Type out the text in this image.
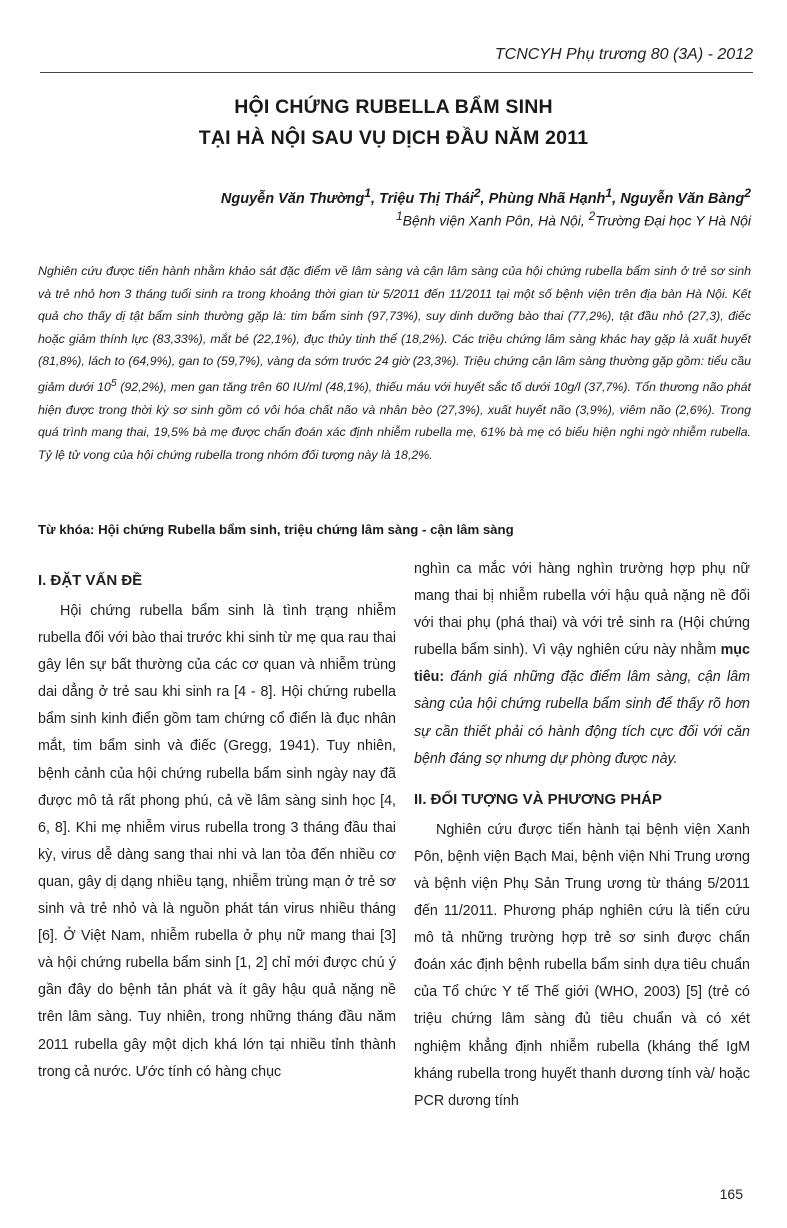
TCNCYH Phụ trương 80 (3A) - 2012
HỘI CHỨNG RUBELLA BẨM SINH
TẠI HÀ NỘI SAU VỤ DỊCH ĐẦU NĂM 2011
Nguyễn Văn Thường$^1$, Triệu Thị Thái$^2$, Phùng Nhã Hạnh$^1$, Nguyễn Văn Bàng$^2$
$^1$Bệnh viện Xanh Pôn, Hà Nội, $^2$Trường Đại học Y Hà Nội
Nghiên cứu được tiến hành nhằm khảo sát đặc điểm về lâm sàng và cận lâm sàng của hội chứng rubella bẩm sinh ở trẻ sơ sinh và trẻ nhỏ hơn 3 tháng tuổi sinh ra trong khoảng thời gian từ 5/2011 đến 11/2011 tại một số bệnh viện trên địa bàn Hà Nội. Kết quả cho thấy dị tật bẩm sinh thường gặp là: tim bẩm sinh (97,73%), suy dinh dưỡng bào thai (77,2%), tật đầu nhỏ (27,3), điếc hoặc giảm thính lực (83,33%), mắt bé (22,1%), đục thủy tinh thể (18,2%). Các triệu chứng lâm sàng khác hay gặp là xuất huyết (81,8%), lách to (64,9%), gan to (59,7%), vàng da sớm trước 24 giờ (23,3%). Triệu chứng cận lâm sàng thường gặp gồm: tiểu cầu giảm dưới $10^5$ (92,2%), men gan tăng trên 60 IU/ml (48,1%), thiếu máu với huyết sắc tố dưới 10g/l (37,7%). Tổn thương não phát hiện được trong thời kỳ sơ sinh gồm có vôi hóa chất não và nhân bèo (27,3%), xuất huyết não (3,9%), viêm não (2,6%). Trong quá trình mang thai, 19,5% bà mẹ được chẩn đoán xác định nhiễm rubella mẹ, 61% bà mẹ có biểu hiện nghi ngờ nhiễm rubella. Tỷ lệ tử vong của hội chứng rubella trong nhóm đối tượng này là 18,2%.
Từ khóa: Hội chứng Rubella bẩm sinh, triệu chứng lâm sàng - cận lâm sàng
I. ĐẶT VẤN ĐỀ

Hội chứng rubella bẩm sinh là tình trạng nhiễm rubella đối với bào thai trước khi sinh từ mẹ qua rau thai gây lên sự bất thường của các cơ quan và nhiễm trùng dai dẳng ở trẻ sau khi sinh ra [4 - 8]. Hội chứng rubella bẩm sinh kinh điển gồm tam chứng cổ điển là đục nhân mắt, tim bẩm sinh và điếc (Gregg, 1941). Tuy nhiên, bệnh cảnh của hội chứng rubella bẩm sinh ngày nay đã được mô tả rất phong phú, cả về lâm sàng sinh học [4, 6, 8]. Khi mẹ nhiễm virus rubella trong 3 tháng đầu thai kỳ, virus dễ dàng sang thai nhi và lan tỏa đến nhiều cơ quan, gây dị dạng nhiều tạng, nhiễm trùng mạn ở trẻ sơ sinh và trẻ nhỏ và là nguồn phát tán virus nhiều tháng [6]. Ở Việt Nam, nhiễm rubella ở phụ nữ mang thai [3] và hội chứng rubella bẩm sinh [1, 2] chỉ mới được chú ý gần đây do bệnh tản phát và ít gây hậu quả nặng nề trên lâm sàng. Tuy nhiên, trong những tháng đầu năm 2011 rubella gây một dịch khá lớn tại nhiều tỉnh thành trong cả nước. Ước tính có hàng chục

nghìn ca mắc với hàng nghìn trường hợp phụ nữ mang thai bị nhiễm rubella với hậu quả nặng nề đối với thai phụ (phá thai) và với trẻ sinh ra (Hội chứng rubella bẩm sinh). Vì vậy nghiên cứu này nhằm mục tiêu: đánh giá những đặc điểm lâm sàng, cận lâm sàng của hội chứng rubella bẩm sinh để thấy rõ hơn sự cần thiết phải có hành động tích cực đối với căn bệnh đáng sợ nhưng dự phòng được này.

II. ĐỐI TƯỢNG VÀ PHƯƠNG PHÁP

Nghiên cứu được tiến hành tại bệnh viện Xanh Pôn, bệnh viện Bạch Mai, bệnh viện Nhi Trung ương và bệnh viện Phụ Sản Trung ương từ tháng 5/2011 đến 11/2011. Phương pháp nghiên cứu là tiến cứu mô tả những trường hợp trẻ sơ sinh được chẩn đoán xác định bệnh rubella bẩm sinh dựa tiêu chuẩn của Tổ chức Y tế Thế giới (WHO, 2003) [5] (trẻ có triệu chứng lâm sàng đủ tiêu chuẩn và có xét nghiệm khẳng định nhiễm rubella (kháng thể IgM kháng rubella trong huyết thanh dương tính và/ hoặc PCR dương tính

165
